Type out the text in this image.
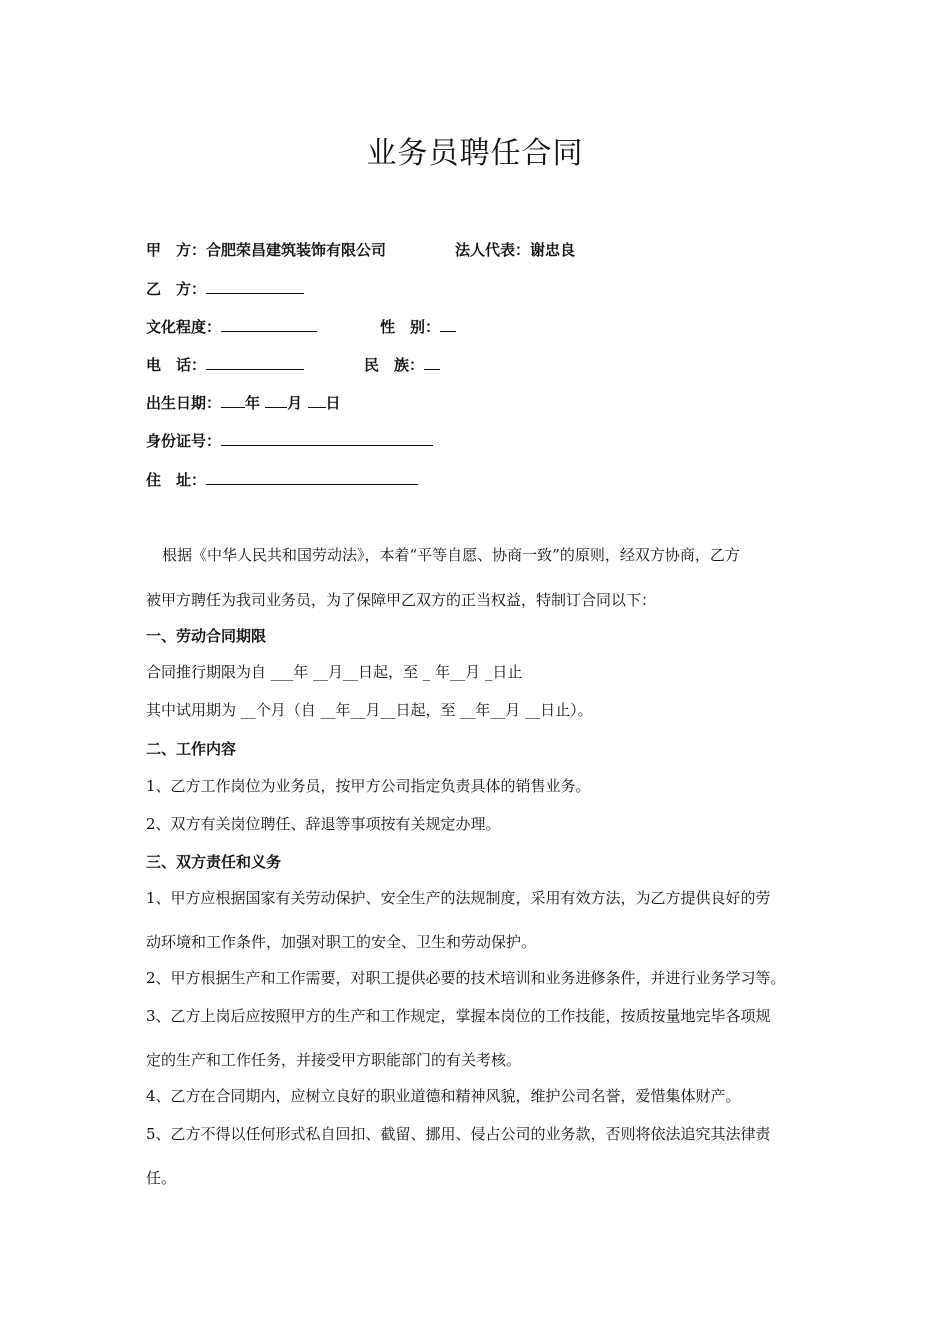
业务员聘任合同
甲　方：合肥荣昌建筑装饰有限公司	法人代表：谢忠良
乙　方：
文化程度：	性　别：
电　话：	民　族：
出生日期： 年 月 日
身份证号：
住　址：
根据《中华人民共和国劳动法》，本着“平等自愿、协商一致”的原则，经双方协商，乙方
被甲方聘任为我司业务员，为了保障甲乙双方的正当权益，特制订合同以下：
一、劳动合同期限
合同推行期限为自 ___年 __月__日起，至 _ 年__月 _日止
其中试用期为 __个月（自 __年__月__日起，至 __年__月 __日止）。
二、工作内容
1、乙方工作岗位为业务员，按甲方公司指定负责具体的销售业务。
2、双方有关岗位聘任、辞退等事项按有关规定办理。
三、双方责任和义务
1、甲方应根据国家有关劳动保护、安全生产的法规制度，采用有效方法，为乙方提供良好的劳
动环境和工作条件，加强对职工的安全、卫生和劳动保护。
2、甲方根据生产和工作需要，对职工提供必要的技术培训和业务进修条件，并进行业务学习等。
3、乙方上岗后应按照甲方的生产和工作规定，掌握本岗位的工作技能，按质按量地完毕各项规
定的生产和工作任务，并接受甲方职能部门的有关考核。
4、乙方在合同期内，应树立良好的职业道德和精神风貌，维护公司名誉，爱惜集体财产。
5、乙方不得以任何形式私自回扣、截留、挪用、侵占公司的业务款，否则将依法追究其法律责
任。
